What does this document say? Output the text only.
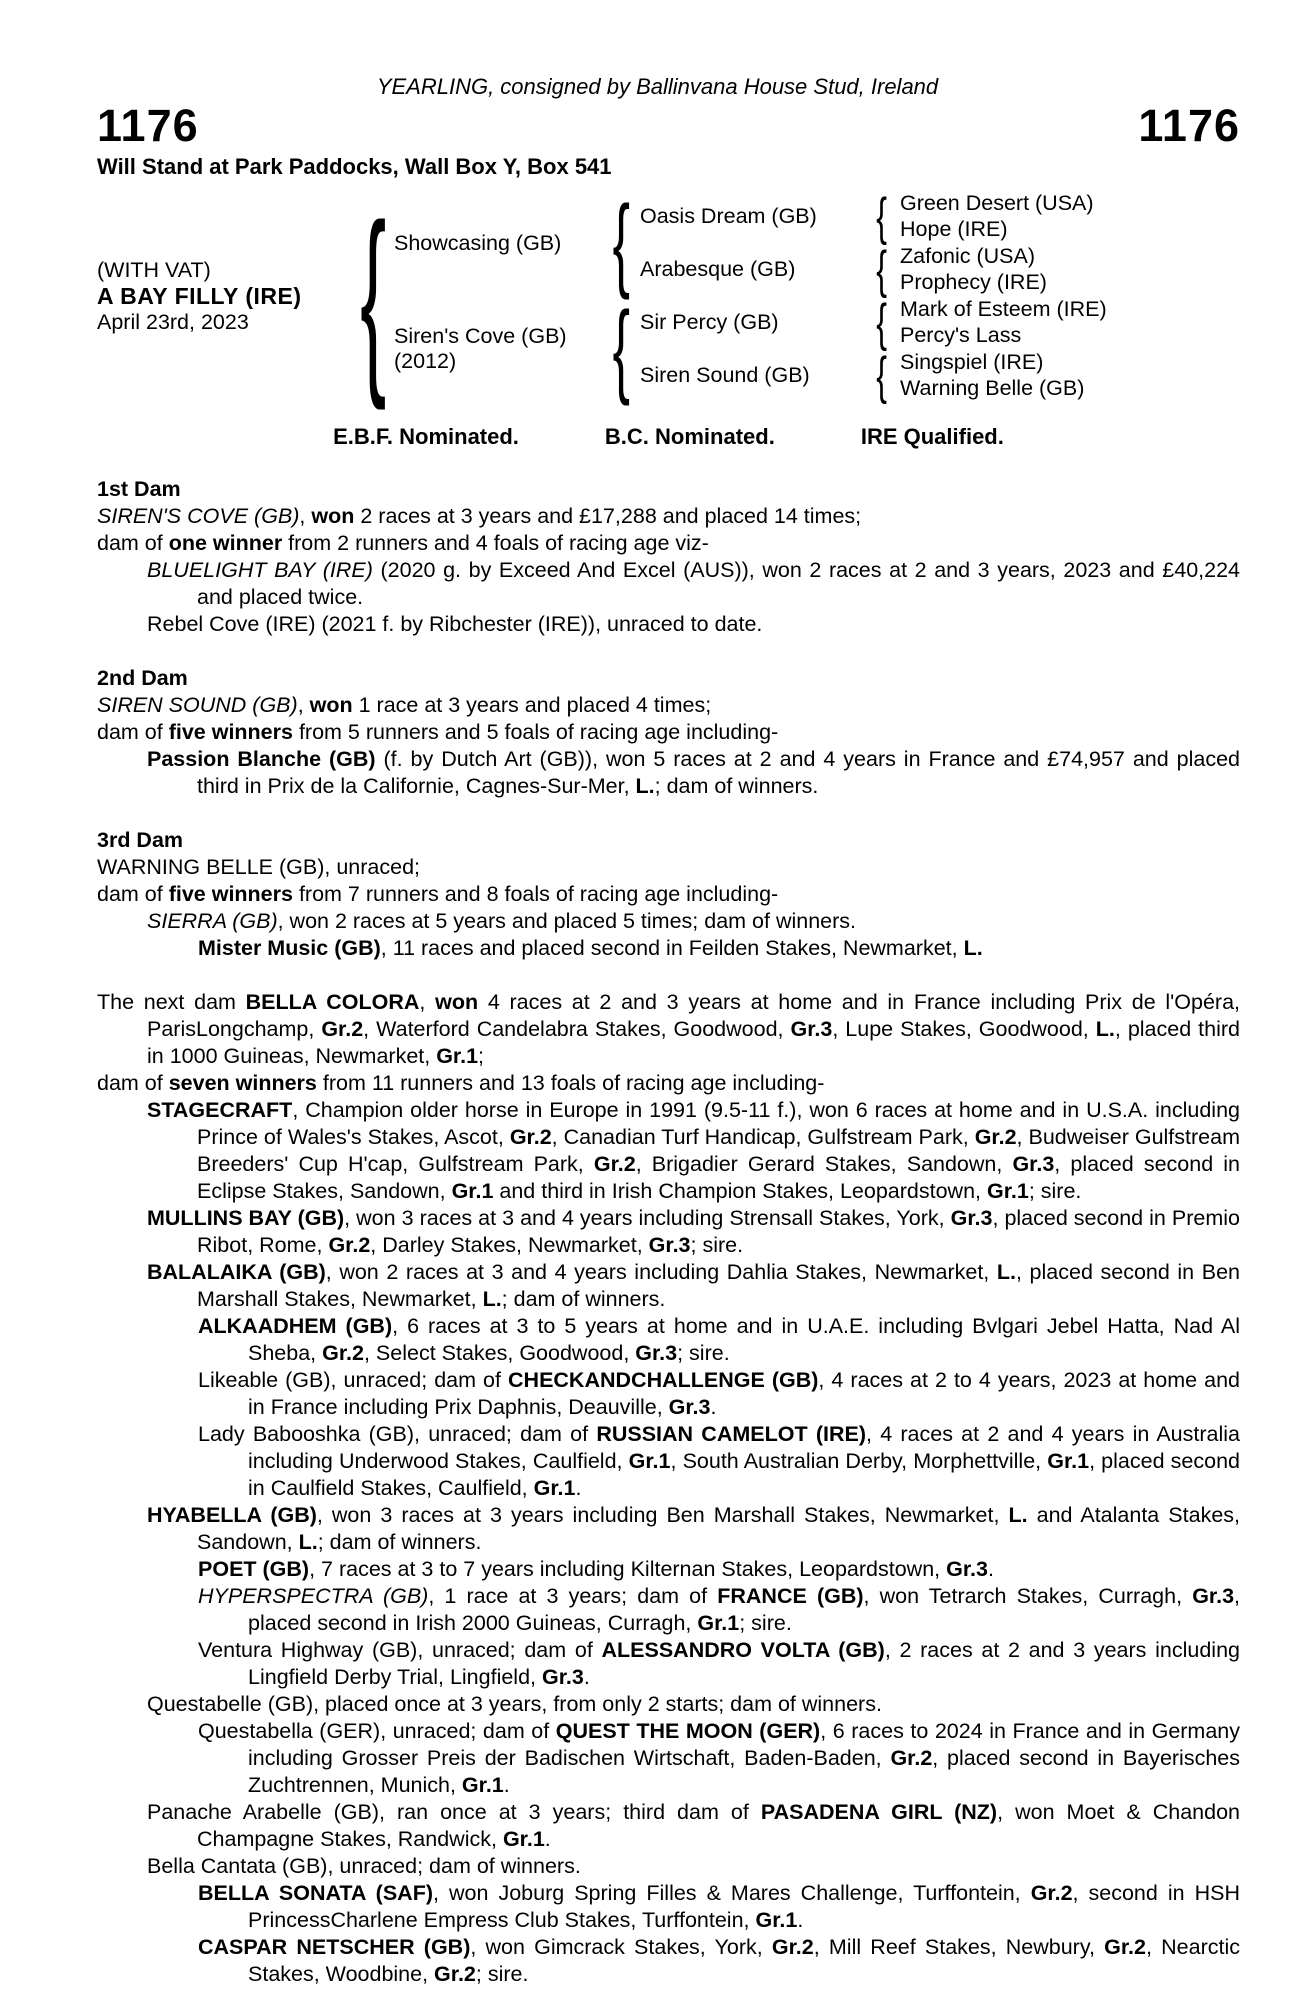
YEARLING, consigned by Ballinvana House Stud, Ireland
1176	1176
Will Stand at Park Paddocks, Wall Box Y, Box 541
(WITH VAT)
A BAY FILLY (IRE)
April 23rd, 2023
{
Showcasing (GB)
Siren's Cove (GB)
(2012)
{
{
Oasis Dream (GB)
Arabesque (GB)
Sir Percy (GB)
Siren Sound (GB)
{
{
{
{
Green Desert (USA)
Hope (IRE)
Zafonic (USA)
Prophecy (IRE)
Mark of Esteem (IRE)
Percy's Lass
Singspiel (IRE)
Warning Belle (GB)
E.B.F. Nominated.	B.C. Nominated.	IRE Qualified.
1st Dam
SIREN'S COVE (GB), won 2 races at 3 years and £17,288 and placed 14 times;
dam of one winner from 2 runners and 4 foals of racing age viz-
BLUELIGHT BAY (IRE) (2020 g. by Exceed And Excel (AUS)), won 2 races at 2 and 3 years, 2023 and £40,224 and placed twice.
Rebel Cove (IRE) (2021 f. by Ribchester (IRE)), unraced to date.
2nd Dam
SIREN SOUND (GB), won 1 race at 3 years and placed 4 times;
dam of five winners from 5 runners and 5 foals of racing age including-
Passion Blanche (GB) (f. by Dutch Art (GB)), won 5 races at 2 and 4 years in France and £74,957 and placed third in Prix de la Californie, Cagnes-Sur-Mer, L.; dam of winners.
3rd Dam
WARNING BELLE (GB), unraced;
dam of five winners from 7 runners and 8 foals of racing age including-
SIERRA (GB), won 2 races at 5 years and placed 5 times; dam of winners.
Mister Music (GB), 11 races and placed second in Feilden Stakes, Newmarket, L.
The next dam BELLA COLORA, won 4 races at 2 and 3 years at home and in France including Prix de l'Opéra, ParisLongchamp, Gr.2, Waterford Candelabra Stakes, Goodwood, Gr.3, Lupe Stakes, Goodwood, L., placed third in 1000 Guineas, Newmarket, Gr.1;
dam of seven winners from 11 runners and 13 foals of racing age including-
STAGECRAFT, Champion older horse in Europe in 1991 (9.5-11 f.), won 6 races at home and in U.S.A. including Prince of Wales's Stakes, Ascot, Gr.2, Canadian Turf Handicap, Gulfstream Park, Gr.2, Budweiser Gulfstream Breeders' Cup H'cap, Gulfstream Park, Gr.2, Brigadier Gerard Stakes, Sandown, Gr.3, placed second in Eclipse Stakes, Sandown, Gr.1 and third in Irish Champion Stakes, Leopardstown, Gr.1; sire.
MULLINS BAY (GB), won 3 races at 3 and 4 years including Strensall Stakes, York, Gr.3, placed second in Premio Ribot, Rome, Gr.2, Darley Stakes, Newmarket, Gr.3; sire.
BALALAIKA (GB), won 2 races at 3 and 4 years including Dahlia Stakes, Newmarket, L., placed second in Ben Marshall Stakes, Newmarket, L.; dam of winners.
ALKAADHEM (GB), 6 races at 3 to 5 years at home and in U.A.E. including Bvlgari Jebel Hatta, Nad Al Sheba, Gr.2, Select Stakes, Goodwood, Gr.3; sire.
Likeable (GB), unraced; dam of CHECKANDCHALLENGE (GB), 4 races at 2 to 4 years, 2023 at home and in France including Prix Daphnis, Deauville, Gr.3.
Lady Babooshka (GB), unraced; dam of RUSSIAN CAMELOT (IRE), 4 races at 2 and 4 years in Australia including Underwood Stakes, Caulfield, Gr.1, South Australian Derby, Morphettville, Gr.1, placed second in Caulfield Stakes, Caulfield, Gr.1.
HYABELLA (GB), won 3 races at 3 years including Ben Marshall Stakes, Newmarket, L. and Atalanta Stakes, Sandown, L.; dam of winners.
POET (GB), 7 races at 3 to 7 years including Kilternan Stakes, Leopardstown, Gr.3.
HYPERSPECTRA (GB), 1 race at 3 years; dam of FRANCE (GB), won Tetrarch Stakes, Curragh, Gr.3, placed second in Irish 2000 Guineas, Curragh, Gr.1; sire.
Ventura Highway (GB), unraced; dam of ALESSANDRO VOLTA (GB), 2 races at 2 and 3 years including Lingfield Derby Trial, Lingfield, Gr.3.
Questabelle (GB), placed once at 3 years, from only 2 starts; dam of winners.
Questabella (GER), unraced; dam of QUEST THE MOON (GER), 6 races to 2024 in France and in Germany including Grosser Preis der Badischen Wirtschaft, Baden-Baden, Gr.2, placed second in Bayerisches Zuchtrennen, Munich, Gr.1.
Panache Arabelle (GB), ran once at 3 years; third dam of PASADENA GIRL (NZ), won Moet & Chandon Champagne Stakes, Randwick, Gr.1.
Bella Cantata (GB), unraced; dam of winners.
BELLA SONATA (SAF), won Joburg Spring Filles & Mares Challenge, Turffontein, Gr.2, second in HSH PrincessCharlene Empress Club Stakes, Turffontein, Gr.1.
CASPAR NETSCHER (GB), won Gimcrack Stakes, York, Gr.2, Mill Reef Stakes, Newbury, Gr.2, Nearctic Stakes, Woodbine, Gr.2; sire.
